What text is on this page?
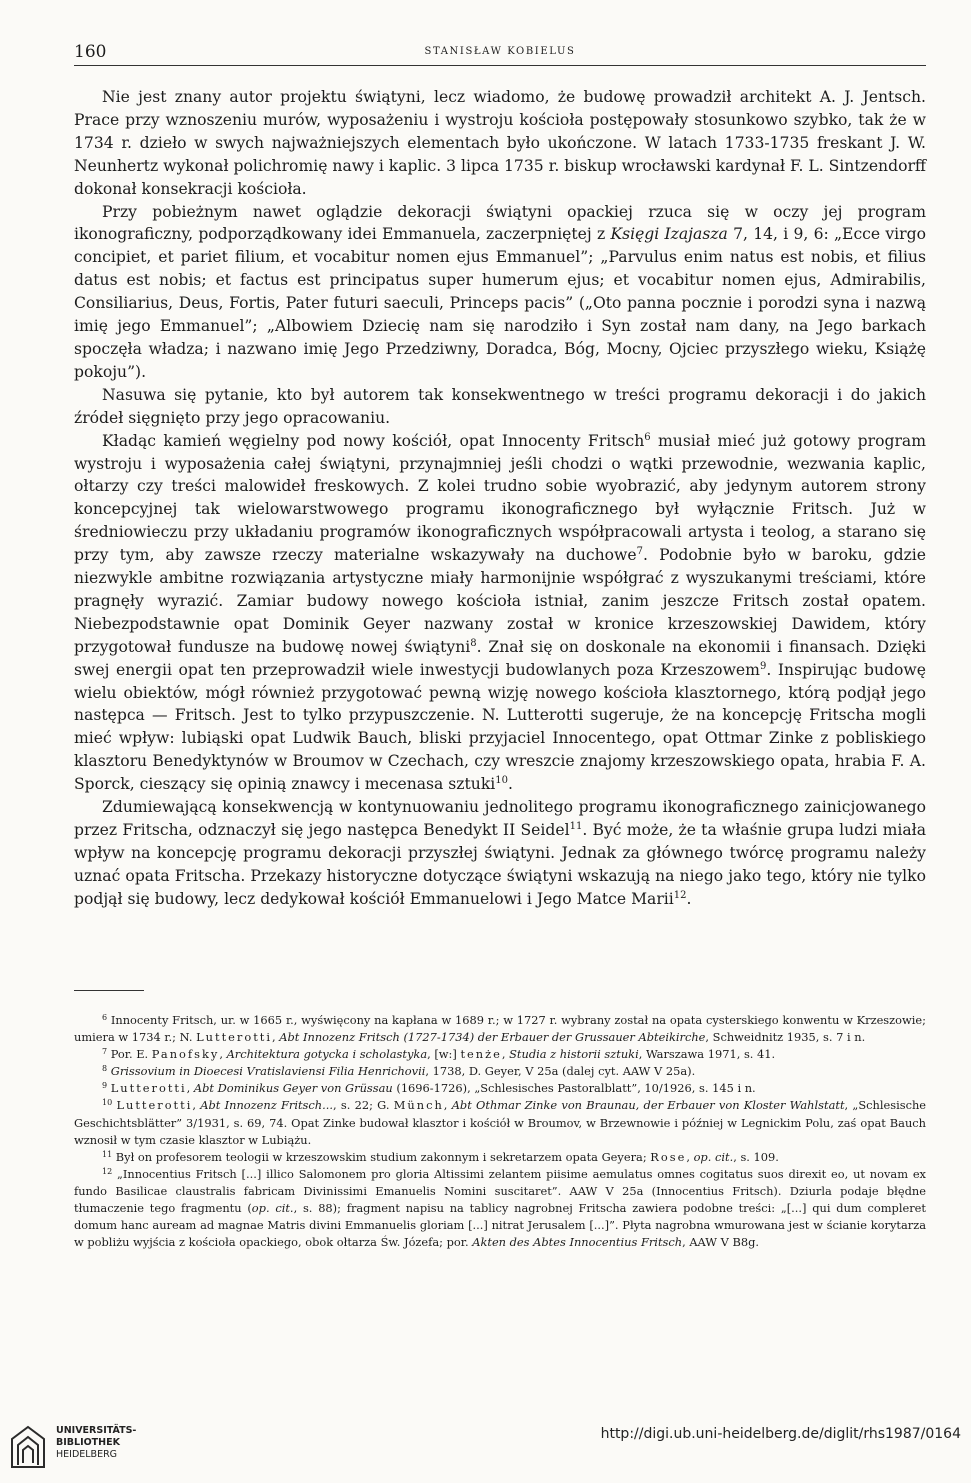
160	STANISŁAW KOBIELUS

Nie jest znany autor projektu świątyni, lecz wiadomo, że budowę prowadził architekt A. J. Jentsch. Prace przy wznoszeniu murów, wyposażeniu i wystroju kościoła postępowały stosunkowo szybko, tak że w 1734 r. dzieło w swych najważniejszych elementach było ukończone. W latach 1733-1735 freskant J. W. Neunhertz wykonał polichromię nawy i kaplic. 3 lipca 1735 r. biskup wrocławski kardynał F. L. Sintzendorff dokonał konsekracji kościoła.

Przy pobieżnym nawet oglądzie dekoracji świątyni opackiej rzuca się w oczy jej program ikonograficzny, podporządkowany idei Emmanuela, zaczerpniętej z Księgi Izajasza 7, 14, i 9, 6: „Ecce virgo concipiet, et pariet filium, et vocabitur nomen ejus Emmanuel”; „Parvulus enim natus est nobis, et filius datus est nobis; et factus est principatus super humerum ejus; et vocabitur nomen ejus, Admirabilis, Consiliarius, Deus, Fortis, Pater futuri saeculi, Princeps pacis” („Oto panna pocznie i porodzi syna i nazwą imię jego Emmanuel”; „Albowiem Dziecię nam się narodziło i Syn został nam dany, na Jego barkach spoczęła władza; i nazwano imię Jego Przedziwny, Doradca, Bóg, Mocny, Ojciec przyszłego wieku, Książę pokoju”).

Nasuwa się pytanie, kto był autorem tak konsekwentnego w treści programu dekoracji i do jakich źródeł sięgnięto przy jego opracowaniu.

Kładąc kamień węgielny pod nowy kościół, opat Innocenty Fritsch$^6$ musiał mieć już gotowy program wystroju i wyposażenia całej świątyni, przynajmniej jeśli chodzi o wątki przewodnie, wezwania kaplic, ołtarzy czy treści malowideł freskowych. Z kolei trudno sobie wyobrazić, aby jedynym autorem strony koncepcyjnej tak wielowarstwowego programu ikonograficznego był wyłącznie Fritsch. Już w średniowieczu przy układaniu programów ikonograficznych współpracowali artysta i teolog, a starano się przy tym, aby zawsze rzeczy materialne wskazywały na duchowe$^7$. Podobnie było w baroku, gdzie niezwykle ambitne rozwiązania artystyczne miały harmonijnie współgrać z wyszukanymi treściami, które pragnęły wyrazić. Zamiar budowy nowego kościoła istniał, zanim jeszcze Fritsch został opatem. Niebezpodstawnie opat Dominik Geyer nazwany został w kronice krzeszowskiej Dawidem, który przygotował fundusze na budowę nowej świątyni$^8$. Znał się on doskonale na ekonomii i finansach. Dzięki swej energii opat ten przeprowadził wiele inwestycji budowlanych poza Krzeszowem$^9$. Inspirując budowę wielu obiektów, mógł również przygotować pewną wizję nowego kościoła klasztornego, którą podjął jego następca — Fritsch. Jest to tylko przypuszczenie. N. Lutterotti sugeruje, że na koncepcję Fritscha mogli mieć wpływ: lubiąski opat Ludwik Bauch, bliski przyjaciel Innocentego, opat Ottmar Zinke z pobliskiego klasztoru Benedyktynów w Broumov w Czechach, czy wreszcie znajomy krzeszowskiego opata, hrabia F. A. Sporck, cieszący się opinią znawcy i mecenasa sztuki$^{10}$.

Zdumiewającą konsekwencją w kontynuowaniu jednolitego programu ikonograficznego zainicjowanego przez Fritscha, odznaczył się jego następca Benedykt II Seidel$^{11}$. Być może, że ta właśnie grupa ludzi miała wpływ na koncepcję programu dekoracji przyszłej świątyni. Jednak za głównego twórcę programu należy uznać opata Fritscha. Przekazy historyczne dotyczące świątyni wskazują na niego jako tego, który nie tylko podjął się budowy, lecz dedykował kościół Emmanuelowi i Jego Matce Marii$^{12}$.

$^6$ Innocenty Fritsch, ur. w 1665 r., wyświęcony na kapłana w 1689 r.; w 1727 r. wybrany został na opata cysterskiego konwentu w Krzeszowie; umiera w 1734 r.; N. Lutterotti, Abt Innozenz Fritsch (1727-1734) der Erbauer der Grussauer Abteikirche, Schweidnitz 1935, s. 7 i n.

$^7$ Por. E. Panofsky, Architektura gotycka i scholastyka, [w:] tenże, Studia z historii sztuki, Warszawa 1971, s. 41.

$^8$ Grissovium in Dioecesi Vratislaviensi Filia Henrichovii, 1738, D. Geyer, V 25a (dalej cyt. AAW V 25a).

$^9$ Lutterotti, Abt Dominikus Geyer von Grüssau (1696-1726), „Schlesisches Pastoralblatt”, 10/1926, s. 145 i n.

$^{10}$ Lutterotti, Abt Innozenz Fritsch..., s. 22; G. Münch, Abt Othmar Zinke von Braunau, der Erbauer von Kloster Wahlstatt, „Schlesische Geschichtsblätter” 3/1931, s. 69, 74. Opat Zinke budował klasztor i kościół w Broumov, w Brzewnowie i później w Legnickim Polu, zaś opat Bauch wznosił w tym czasie klasztor w Lubiążu.

$^{11}$ Był on profesorem teologii w krzeszowskim studium zakonnym i sekretarzem opata Geyera; Rose, op. cit., s. 109.

$^{12}$ „Innocentius Fritsch [...] illico Salomonem pro gloria Altissimi zelantem piisime aemulatus omnes cogitatus suos direxit eo, ut novam ex fundo Basilicae claustralis fabricam Divinissimi Emanuelis Nomini suscitaret”. AAW V 25a (Innocentius Fritsch). Dziurla podaje błędne tłumaczenie tego fragmentu (op. cit., s. 88); fragment napisu na tablicy nagrobnej Fritscha zawiera podobne treści: „[...] qui dum compleret domum hanc auream ad magnae Matris divini Emmanuelis gloriam [...] nitrat Jerusalem [...]”. Płyta nagrobna wmurowana jest w ścianie korytarza w pobliżu wyjścia z kościoła opackiego, obok ołtarza Św. Józefa; por. Akten des Abtes Innocentius Fritsch, AAW V B8g.

UNIVERSITÄTS-
BIBLIOTHEK
HEIDELBERG
http://digi.ub.uni-heidelberg.de/diglit/rhs1987/0164
